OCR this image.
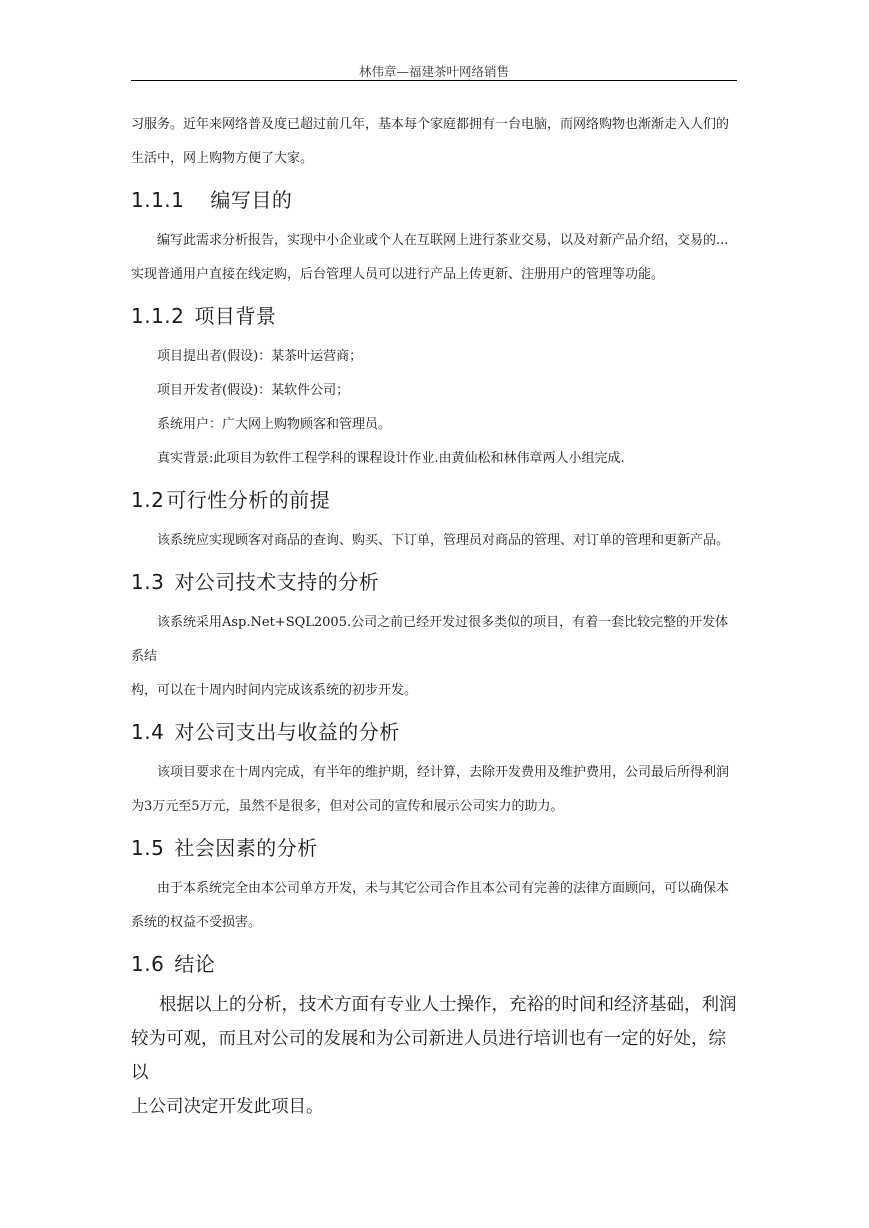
林伟章—福建茶叶网络销售

习服务。近年来网络普及度已超过前几年，基本每个家庭都拥有一台电脑，而网络购物也渐渐走入人们的

生活中，网上购物方便了大家。

1.1.1 编写目的

编写此需求分析报告，实现中小企业或个人在互联网上进行茶业交易，以及对新产品介绍，交易的...

实现普通用户直接在线定购，后台管理人员可以进行产品上传更新、注册用户的管理等功能。

1.1.2 项目背景

项目提出者(假设)：某茶叶运营商；

项目开发者(假设)：某软件公司；

系统用户：广大网上购物顾客和管理员。

真实背景:此项目为软件工程学科的课程设计作业.由黄仙松和林伟章两人小组完成.

1.2 可行性分析的前提

该系统应实现顾客对商品的查询、购买、下订单，管理员对商品的管理、对订单的管理和更新产品。

1.3 对公司技术支持的分析

该系统采用Asp.Net+SQL2005.公司之前已经开发过很多类似的项目，有着一套比较完整的开发体系结

构，可以在十周内时间内完成该系统的初步开发。

1.4 对公司支出与收益的分析

该项目要求在十周内完成，有半年的维护期，经计算，去除开发费用及维护费用，公司最后所得利润

为3万元至5万元，虽然不是很多，但对公司的宣传和展示公司实力的助力。

1.5 社会因素的分析

由于本系统完全由本公司单方开发，未与其它公司合作且本公司有完善的法律方面顾问，可以确保本

系统的权益不受损害。

1.6 结论

根据以上的分析，技术方面有专业人士操作，充裕的时间和经济基础，利润

较为可观，而且对公司的发展和为公司新进人员进行培训也有一定的好处，综以

上公司决定开发此项目。
